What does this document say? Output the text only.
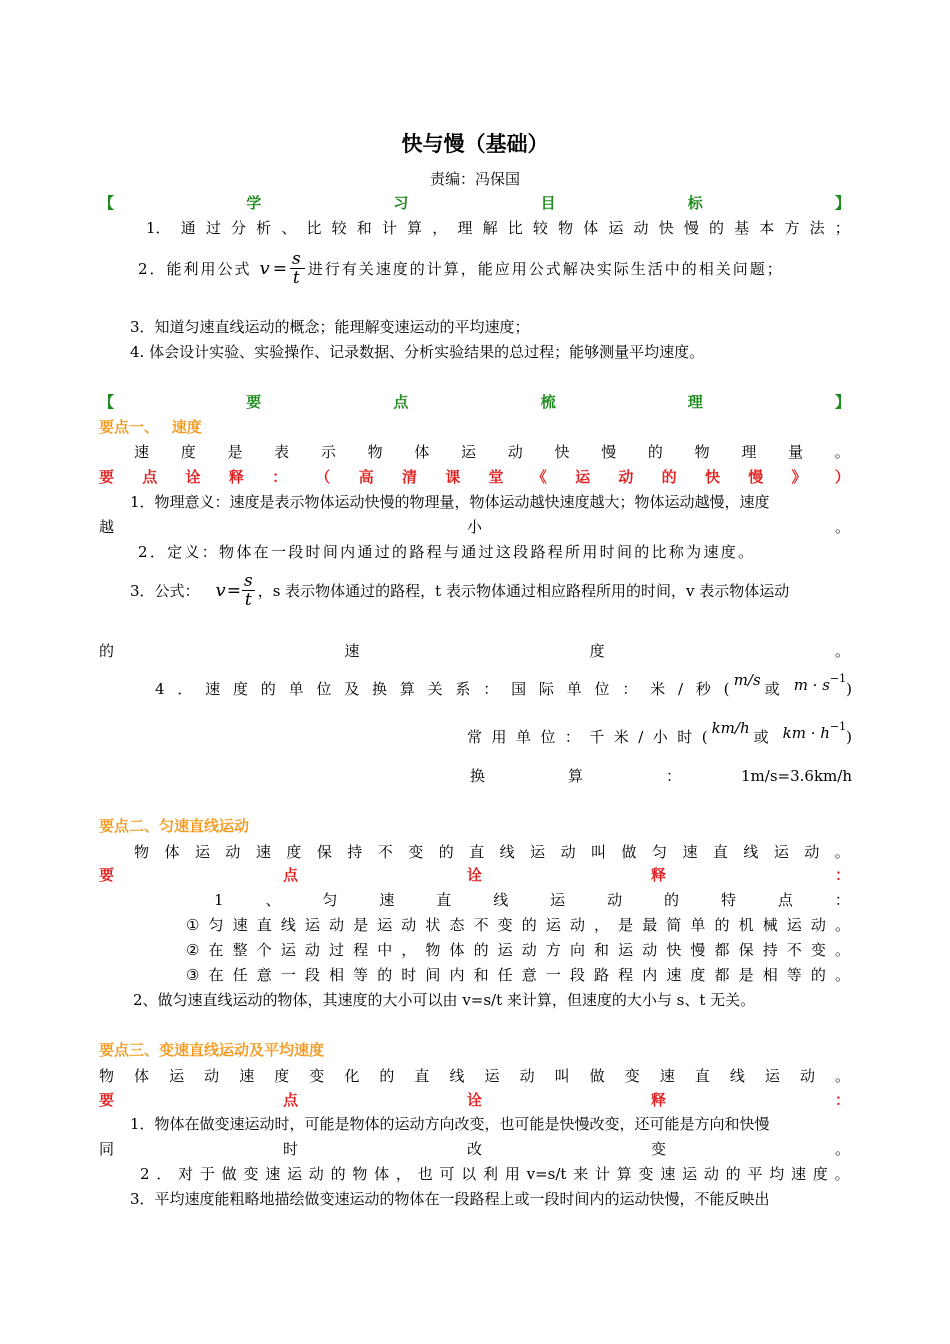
快与慢（基础）
责编：冯保国
【	学	习	目	标	】
1． 通 过 分 析 、 比 较 和 计 算 ， 理 解 比 较 物 体 运 动 快 慢 的 基 本 方 法 ；
2．能利用公式 $v = \frac{s}{t}$ 进行有关速度的计算，能应用公式解决实际生活中的相关问题；
3．知道匀速直线运动的概念；能理解变速运动的平均速度；
4. 体会设计实验、实验操作、记录数据、分析实验结果的总过程；能够测量平均速度。
【	要	点	梳	理	】
要点一、 速度
速 度 是 表 示 物 体 运 动 快 慢 的 物 理 量 。
要 点 诠 释 ： （ 高 清 课 堂 《 运 动 的 快 慢 》 ）
1．物理意义：速度是表示物体运动快慢的物理量，物体运动越快速度越大；物体运动越慢，速度
越	小	。
2．定义：物体在一段时间内通过的路程与通过这段路程所用时间的比称为速度。
3．公式： $v = \frac{s}{t}$ ，s 表示物体通过的路程，t 表示物体通过相应路程所用的时间，v 表示物体运动
的	速	度	。
4 ． 速 度 的 单 位 及 换 算 关 系 ： 国 际 单 位 ： 米 / 秒 ( m/s 或 $m \cdot s^{-1}$
)
常 用 单 位 ： 千 米 / 小 时 ( km/h 或 km · $h^{-1}$
)
换	算	：	1m/s=3.6km/h
要点二、匀速直线运动
物 体 运 动 速 度 保 持 不 变 的 直 线 运 动 叫 做 匀 速 直 线 运 动 。
要	点	诠	释	：
1	、	匀	速	直	线	运	动	的	特	点	：
① 匀 速 直 线 运 动 是 运 动 状 态 不 变 的 运 动 ， 是 最 简 单 的 机 械 运 动 。
② 在 整 个 运 动 过 程 中 ， 物 体 的 运 动 方 向 和 运 动 快 慢 都 保 持 不 变 。
③ 在 任 意 一 段 相 等 的 时 间 内 和 任 意 一 段 路 程 内 速 度 都 是 相 等 的 。
2、做匀速直线运动的物体，其速度的大小可以由 v=s/t 来计算，但速度的大小与 s、t 无关。
要点三、变速直线运动及平均速度
物 体 运 动 速 度 变 化 的 直 线 运 动 叫 做 变 速 直 线 运 动 。
要	点	诠	释	：
1．物体在做变速运动时，可能是物体的运动方向改变，也可能是快慢改变，还可能是方向和快慢
同	时	改	变	。
2 ． 对 于 做 变 速 运 动 的 物 体 ， 也 可 以 利 用 v=s/t 来 计 算 变 速 运 动 的 平 均 速 度 。
3．平均速度能粗略地描绘做变速运动的物体在一段路程上或一段时间内的运动快慢，不能反映出
